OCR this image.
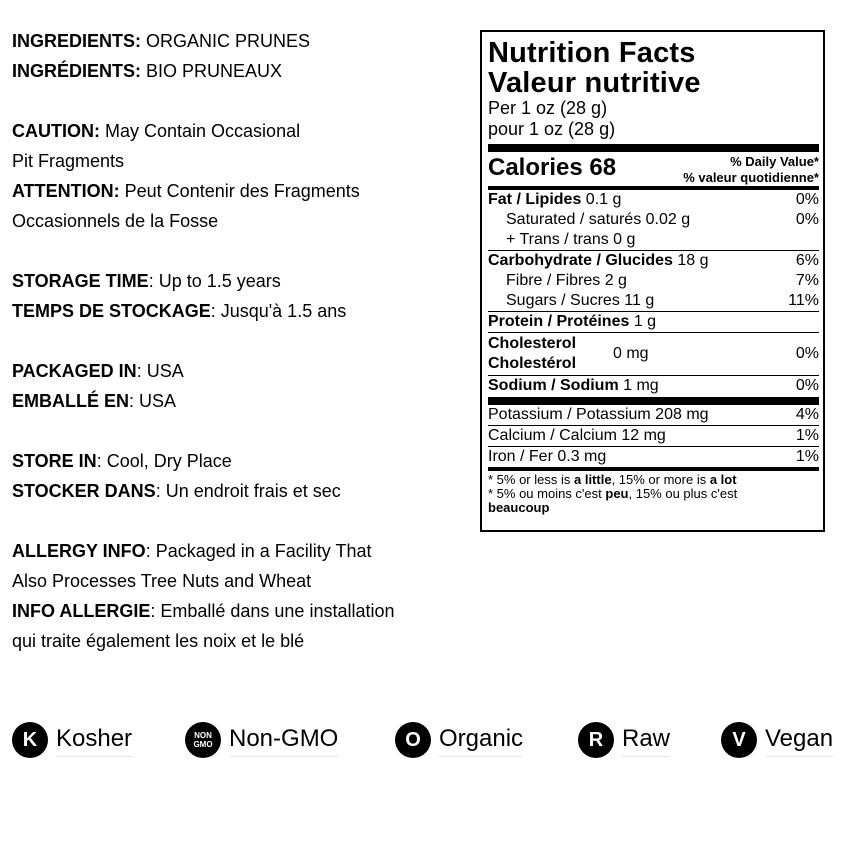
INGREDIENTS: ORGANIC PRUNES
INGRÉDIENTS: BIO PRUNEAUX
CAUTION: May Contain Occasional
Pit Fragments
ATTENTION: Peut Contenir des Fragments
Occasionnels de la Fosse
STORAGE TIME: Up to 1.5 years
TEMPS DE STOCKAGE: Jusqu'à 1.5 ans
PACKAGED IN: USA
EMBALLÉ EN: USA
STORE IN: Cool, Dry Place
STOCKER DANS: Un endroit frais et sec
ALLERGY INFO: Packaged in a Facility That
Also Processes Tree Nuts and Wheat
INFO ALLERGIE: Emballé dans une installation
qui traite également les noix et le blé
Nutrition Facts
Valeur nutritive
Per 1 oz (28 g)
pour 1 oz (28 g)
Calories 68	% Daily Value*
% valeur quotidienne*
Fat / Lipides 0.1 g	0%
Saturated / saturés 0.02 g	0%
+ Trans / trans 0 g
Carbohydrate / Glucides 18 g	6%
Fibre / Fibres 2 g	7%
Sugars / Sucres 11 g	11%
Protein / Protéines 1 g
Cholesterol
Cholestérol
0 mg	0%
Sodium / Sodium 1 mg	0%
Potassium / Potassium 208 mg	4%
Calcium / Calcium 12 mg	1%
Iron / Fer 0.3 mg	1%
* 5% or less is a little, 15% or more is a lot
* 5% ou moins c'est peu, 15% ou plus c'est
beaucoup
K Kosher	NON
GMO Non-GMO	O Organic	R Raw	V Vegan
